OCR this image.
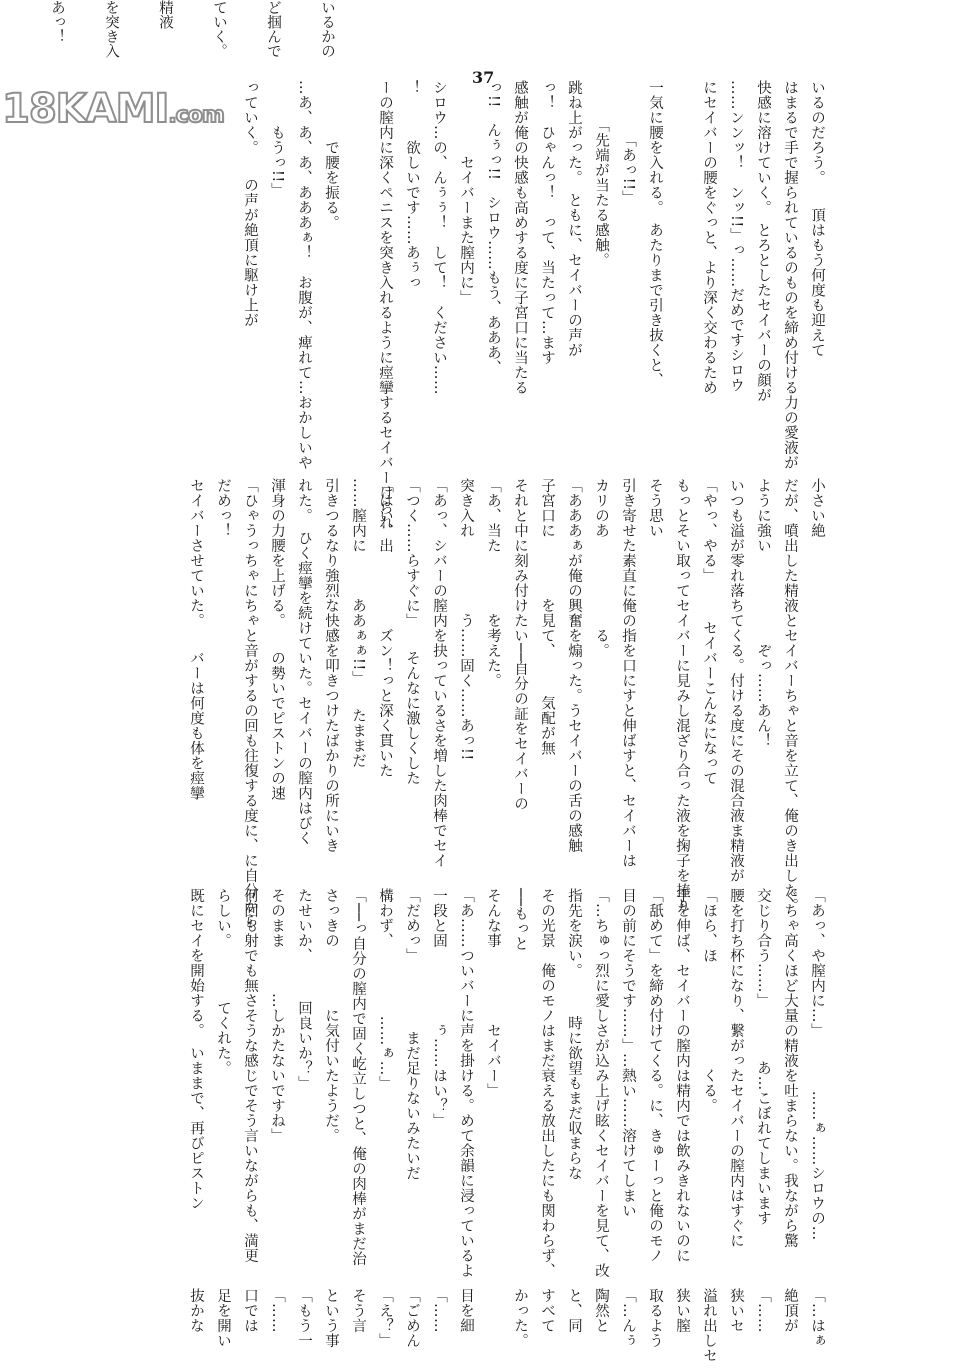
18KAMI.com
37
いるかの
ど掴んで
ていく。
精液
を突き入
あっ！
はまるで手で握られているのものを締め付ける力の愛液が
快感に溶けていく。　とろとしたセイバーの顔が
……ンンッ！　ンッ!!」っ……だめですシロウ
にセイバーの腰をぐっと、より深く交わるため
一気に腰を入れる。　あたりまで引き抜くと、
　　　　「あっ!!」
　　　「先端が当たる感触。
跳ね上がった。　ともに、セイバーの声が
っ！　ひゃんっ！　って、当たって…ます
感触が俺の快感も高めする度に子宮口に当たる
っ!!　んぅっ!!　シロウ……もう、あああ、
　　　　　セイバーまた膣内に」
シロウ…の、んぅぅ！　して！　ください……
！　　　欲しいです……あぅっ
ーの膣内に深くペニスを突き入れるように痙攣するセイバーけられ
　　　　で腰を振る。
…あ、あ、あ、あああぁ！　お腹が、痺れて…おかしいや
　　　もうっ!!」
っていく。　　の声が絶頂に駆け上が	いるのだろう。　　頂はもう何度も迎えて
小さい絶
だが、噴出した精液とセイバーちゃと音を立て、俺のき出した。
ように強い　　　　　　ぞっ……あん！
いつも溢が零れ落ちてくる。付ける度にその混合液ま精液が
「やっ、やる」　　　セイバーこんなになって
もっとそい取ってセイバーに見みし混ざり合った液を掬子を捧り
そう思い
引き寄せた素直に俺の指を口にすと伸ばすと、セイバーは
カリのあ　　　　　　る。
「あああぁが俺の興奮を煽った。うセイバーの舌の感触
子宮口に　　　　を見て、　　　気配が無
それと中に刻み付けたい──自分の証をセイバーの
「あ、当た　　　　を考えた。
突き入れ　　　　　う……固く……あっ!!
「あっ、シバーの膣内を抉っているさを増した肉棒でセイ
「つく……らすぐに」　　そんなに激しくした
「はい、出　　　　　ズン！っと深く貫いた
……膣内に　　　ああぁぁ!!」　　たままだ
引きつるなり強烈な快感を叩きつけたばかりの所にいき
れた。　ひく痙攣を続けていた。セイバーの膣内はびく
渾身の力腰を上げる。　　の勢いでピストンの速
「ひゃうっちゃにちゃと音がするの回も往復する度に、に自分から
だめっ！
セイバーさせていた。　　バーは何度も体を痙攣
「あっ、や膣内に…」　　　　……ぁ……シロウの…
ぐちゃ高くほど大量の精液を吐まらない。我ながら驚
交じり合う……」　　　　あ…こぼれてしまいます
腰を打ち杯になり、繋がったセイバーの膣内はすぐに
「ほら、ほ　　　　　　　くる。
手を伸ば、セイバーの膣内は精内では飲みきれないのに
「舐めて」を締め付けてくる。に、きゅーっと俺のモノ
目の前にそうです……」…熱い……溶けてしまい
「…ちゅっ烈に愛しさが込み上げ眩くセイバーを見て、改
指先を涙い。　　　時に欲望もまだ収まらな
その光景　俺のモノはまだ衰える放出したにも関わらず、
──もっと
そんな事　　　　　セイバー」
「あ……ついバーに声を掛ける。めて余韻に浸っているよ
一段と固　　　　　ぅ……はい？」
「だめっ」　　　　　まだ足りないみたいだ
構わず、　　　　　……ぁ…」
「──っ自分の膣内で固く屹立しつと、俺の肉棒がまだ治
さっきの　　　　に気付いたようだ。
たせいか、　　　回良いか？」
そのまま　　　…しかたないですね」
何回も射でも無さそうな感じでそう言いながらも、満更
らしい。　　　　てくれた。
既にセイを開始する。　いままで、再びピストン
「…はぁ
絶頂が
「……
狭いセ
溢れ出しセ
狭い膣
取るよう
「…んぅ
陶然と
と、同
すべて
かった。
目を細
「……
「ごめん
「え？」
そう言
という事
「もう一
「……
口では
足を開い
抜かな
